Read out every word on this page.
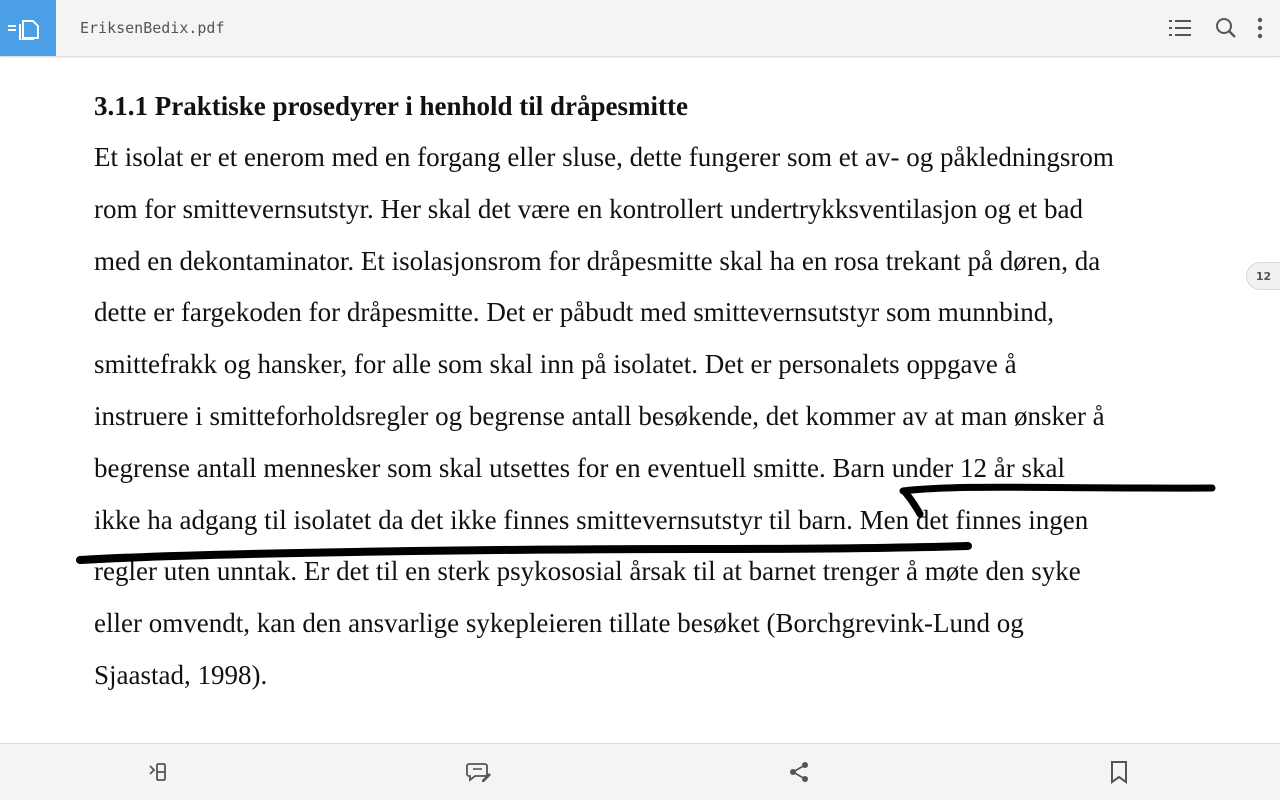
EriksenBedix.pdf
3.1.1 Praktiske prosedyrer i henhold til dråpesmitte
Et isolat er et enerom med en forgang eller sluse, dette fungerer som et av- og påkledningsrom
rom for smittevernsutstyr. Her skal det være en kontrollert undertrykksventilasjon og et bad
med en dekontaminator. Et isolasjonsrom for dråpesmitte skal ha en rosa trekant på døren, da
dette er fargekoden for dråpesmitte. Det er påbudt med smittevernsutstyr som munnbind,
smittefrakk og hansker, for alle som skal inn på isolatet. Det er personalets oppgave å
instruere i smitteforholdsregler og begrense antall besøkende, det kommer av at man ønsker å
begrense antall mennesker som skal utsettes for en eventuell smitte. Barn under 12 år skal
ikke ha adgang til isolatet da det ikke finnes smittevernsutstyr til barn. Men det finnes ingen
regler uten unntak. Er det til en sterk psykososial årsak til at barnet trenger å møte den syke
eller omvendt, kan den ansvarlige sykepleieren tillate besøket (Borchgrevink-Lund og
Sjaastad, 1998).
12
